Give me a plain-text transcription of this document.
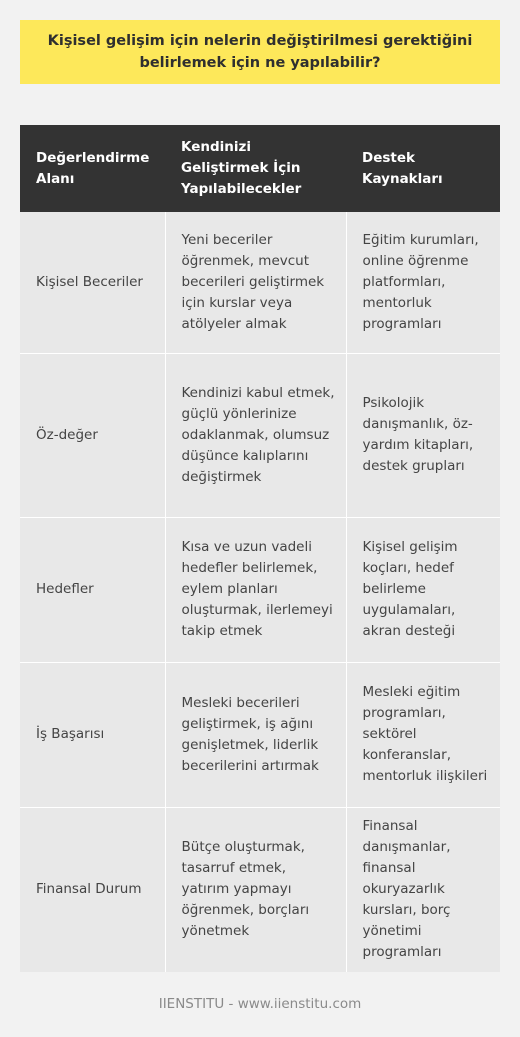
Kişisel gelişim için nelerin değiştirilmesi gerektiğini belirlemek için ne yapılabilir?
Değerlendirme Alanı	Kendinizi Geliştirmek İçin Yapılabilecekler	Destek Kaynakları
Kişisel Beceriler	Yeni beceriler öğrenmek, mevcut becerileri geliştirmek için kurslar veya atölyeler almak	Eğitim kurumları, online öğrenme platformları, mentorluk programları
Öz-değer	Kendinizi kabul etmek, güçlü yönlerinize odaklanmak, olumsuz düşünce kalıplarını değiştirmek	Psikolojik danışmanlık, öz-yardım kitapları, destek grupları
Hedefler	Kısa ve uzun vadeli hedefler belirlemek, eylem planları oluşturmak, ilerlemeyi takip etmek	Kişisel gelişim koçları, hedef belirleme uygulamaları, akran desteği
İş Başarısı	Mesleki becerileri geliştirmek, iş ağını genişletmek, liderlik becerilerini artırmak	Mesleki eğitim programları, sektörel konferanslar, mentorluk ilişkileri
Finansal Durum	Bütçe oluşturmak, tasarruf etmek, yatırım yapmayı öğrenmek, borçları yönetmek	Finansal danışmanlar, finansal okuryazarlık kursları, borç yönetimi programları
IIENSTITU - www.iienstitu.com
